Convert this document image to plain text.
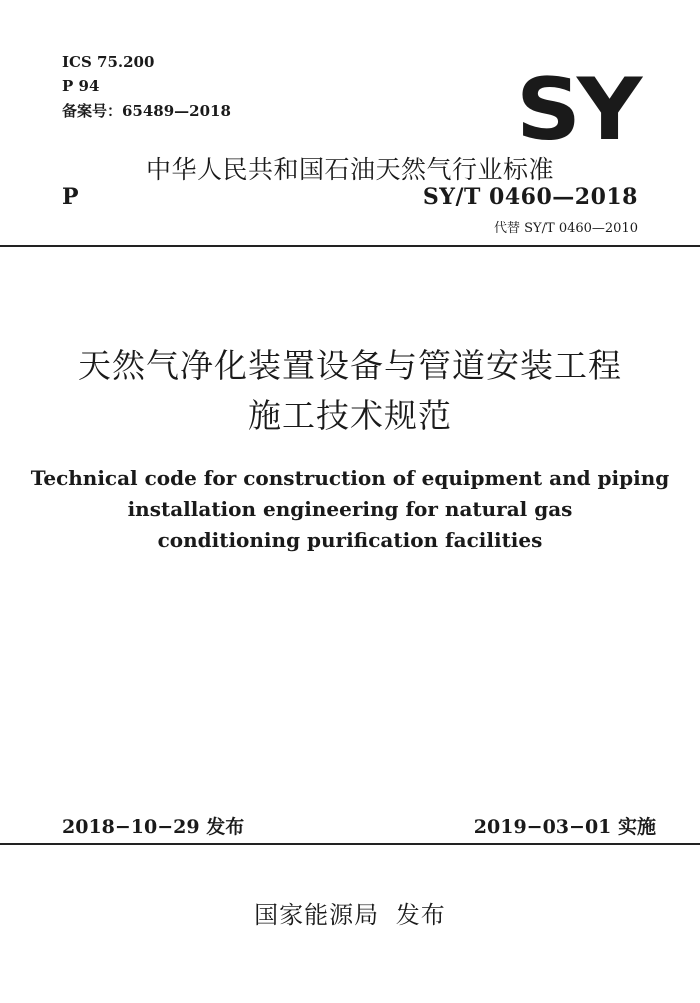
ICS 75.200
P 94
备案号：65489—2018	SY
中华人民共和国石油天然气行业标准
P	SY/T 0460—2018
代替 SY/T 0460—2010
天然气净化装置设备与管道安装工程
施工技术规范
Technical code for construction of equipment and piping
installation engineering for natural gas
conditioning purification facilities
2018−10−29 发布	2019−03−01 实施
国家能源局 发布
